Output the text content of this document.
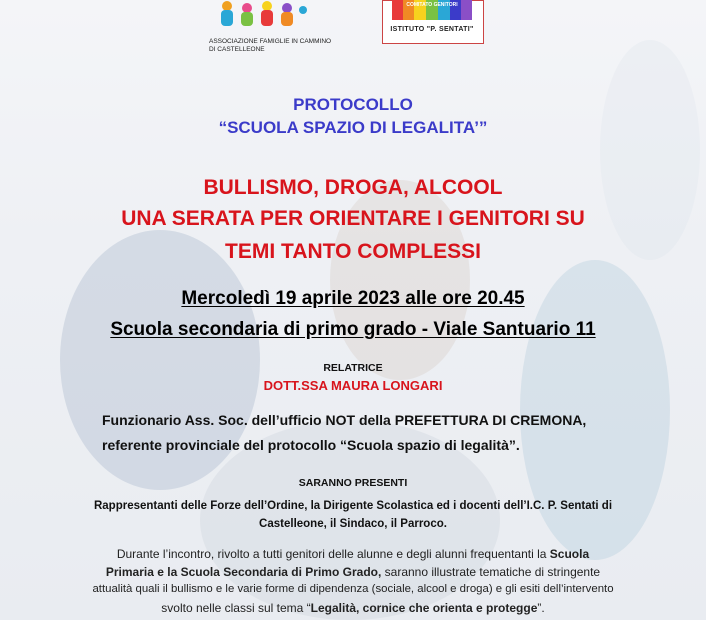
ASSOCIAZIONE FAMIGLIE IN CAMMINO
DI CASTELLEONE
COMITATO GENITORI
ISTITUTO "P. SENTATI"
PROTOCOLLO
“SCUOLA SPAZIO DI LEGALITA’”
BULLISMO, DROGA, ALCOOL
UNA SERATA PER ORIENTARE I GENITORI SU
TEMI TANTO COMPLESSI
Mercoledì 19 aprile 2023 alle ore 20.45
Scuola secondaria di primo grado - Viale Santuario 11
RELATRICE
DOTT.SSA MAURA LONGARI
Funzionario Ass. Soc. dell’ufficio NOT della PREFETTURA DI CREMONA,
referente provinciale del protocollo “Scuola spazio di legalità”.
SARANNO PRESENTI
Rappresentanti delle Forze dell’Ordine, la Dirigente Scolastica ed i docenti dell’I.C. P. Sentati di
Castelleone, il Sindaco, il Parroco.
Durante l’incontro, rivolto a tutti genitori delle alunne e degli alunni frequentanti la Scuola
Primaria e la Scuola Secondaria di Primo Grado, saranno illustrate tematiche di stringente
attualità quali il bullismo e le varie forme di dipendenza (sociale, alcool e droga) e gli esiti dell’intervento
svolto nelle classi sul tema “Legalità, cornice che orienta e protegge”.
